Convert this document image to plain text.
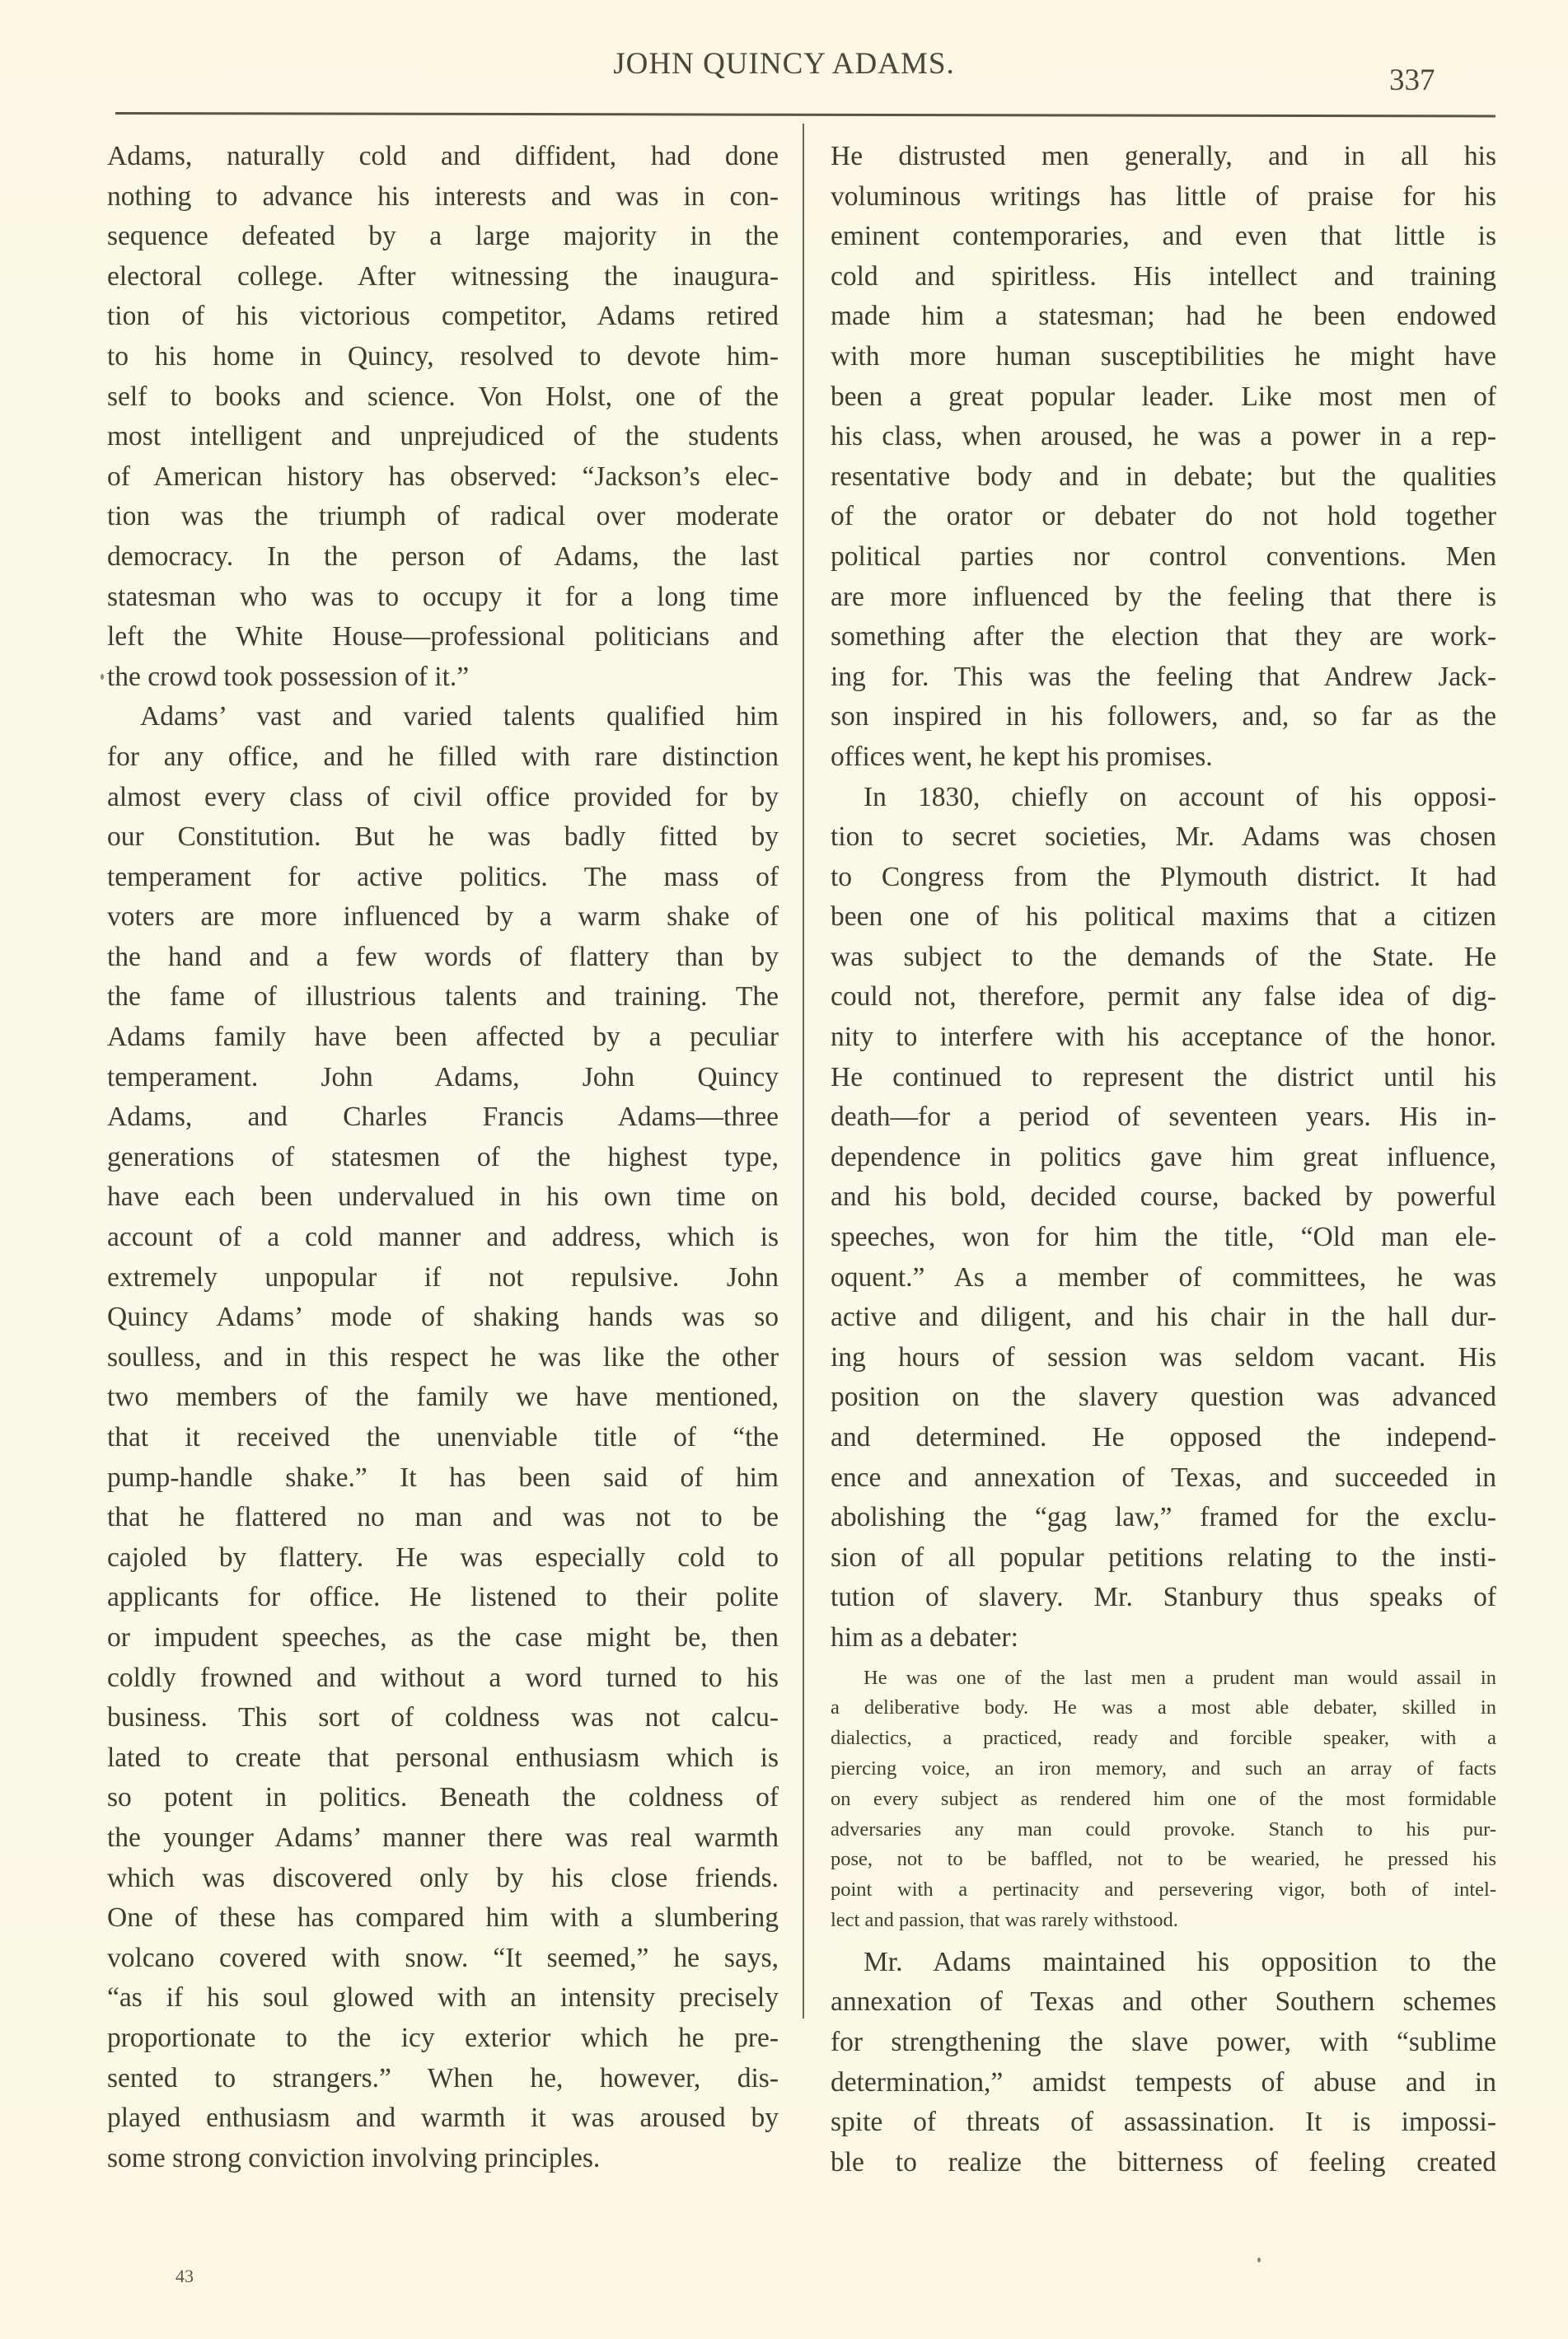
JOHN QUINCY ADAMS.	337
Adams, naturally cold and diffident, had done
nothing to advance his interests and was in con-
sequence defeated by a large majority in the
electoral college. After witnessing the inaugura-
tion of his victorious competitor, Adams retired
to his home in Quincy, resolved to devote him-
self to books and science. Von Holst, one of the
most intelligent and unprejudiced of the students
of American history has observed: “Jackson’s elec-
tion was the triumph of radical over moderate
democracy. In the person of Adams, the last
statesman who was to occupy it for a long time
left the White House—professional politicians and
the crowd took possession of it.”
Adams’ vast and varied talents qualified him
for any office, and he filled with rare distinction
almost every class of civil office provided for by
our Constitution. But he was badly fitted by
temperament for active politics. The mass of
voters are more influenced by a warm shake of
the hand and a few words of flattery than by
the fame of illustrious talents and training. The
Adams family have been affected by a peculiar
temperament. John Adams, John Quincy
Adams, and Charles Francis Adams—three
generations of statesmen of the highest type,
have each been undervalued in his own time on
account of a cold manner and address, which is
extremely unpopular if not repulsive. John
Quincy Adams’ mode of shaking hands was so
soulless, and in this respect he was like the other
two members of the family we have mentioned,
that it received the unenviable title of “the
pump-handle shake.” It has been said of him
that he flattered no man and was not to be
cajoled by flattery. He was especially cold to
applicants for office. He listened to their polite
or impudent speeches, as the case might be, then
coldly frowned and without a word turned to his
business. This sort of coldness was not calcu-
lated to create that personal enthusiasm which is
so potent in politics. Beneath the coldness of
the younger Adams’ manner there was real warmth
which was discovered only by his close friends.
One of these has compared him with a slumbering
volcano covered with snow. “It seemed,” he says,
“as if his soul glowed with an intensity precisely
proportionate to the icy exterior which he pre-
sented to strangers.” When he, however, dis-
played enthusiasm and warmth it was aroused by
some strong conviction involving principles.
He distrusted men generally, and in all his
voluminous writings has little of praise for his
eminent contemporaries, and even that little is
cold and spiritless. His intellect and training
made him a statesman; had he been endowed
with more human susceptibilities he might have
been a great popular leader. Like most men of
his class, when aroused, he was a power in a rep-
resentative body and in debate; but the qualities
of the orator or debater do not hold together
political parties nor control conventions. Men
are more influenced by the feeling that there is
something after the election that they are work-
ing for. This was the feeling that Andrew Jack-
son inspired in his followers, and, so far as the
offices went, he kept his promises.
In 1830, chiefly on account of his opposi-
tion to secret societies, Mr. Adams was chosen
to Congress from the Plymouth district. It had
been one of his political maxims that a citizen
was subject to the demands of the State. He
could not, therefore, permit any false idea of dig-
nity to interfere with his acceptance of the honor.
He continued to represent the district until his
death—for a period of seventeen years. His in-
dependence in politics gave him great influence,
and his bold, decided course, backed by powerful
speeches, won for him the title, “Old man ele-
oquent.” As a member of committees, he was
active and diligent, and his chair in the hall dur-
ing hours of session was seldom vacant. His
position on the slavery question was advanced
and determined. He opposed the independ-
ence and annexation of Texas, and succeeded in
abolishing the “gag law,” framed for the exclu-
sion of all popular petitions relating to the insti-
tution of slavery. Mr. Stanbury thus speaks of
him as a debater:
He was one of the last men a prudent man would assail in
a deliberative body. He was a most able debater, skilled in
dialectics, a practiced, ready and forcible speaker, with a
piercing voice, an iron memory, and such an array of facts
on every subject as rendered him one of the most formidable
adversaries any man could provoke. Stanch to his pur-
pose, not to be baffled, not to be wearied, he pressed his
point with a pertinacity and persevering vigor, both of intel-
lect and passion, that was rarely withstood.
Mr. Adams maintained his opposition to the
annexation of Texas and other Southern schemes
for strengthening the slave power, with “sublime
determination,” amidst tempests of abuse and in
spite of threats of assassination. It is impossi-
ble to realize the bitterness of feeling created
43
